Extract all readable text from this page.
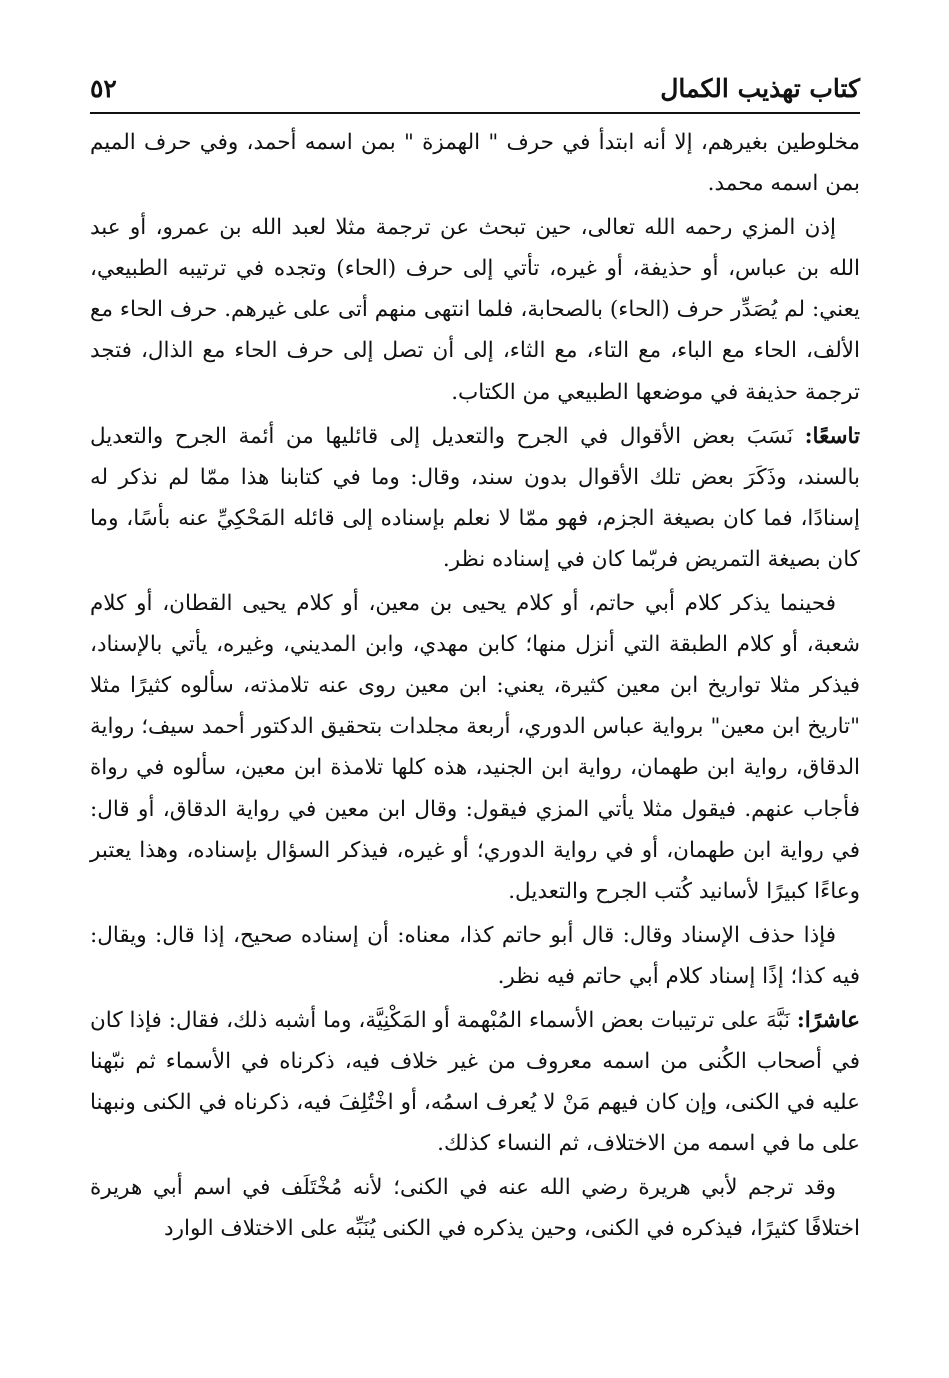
كتاب تهذيب الكمال
٥٢

مخلوطين بغيرهم، إلا أنه ابتدأ في حرف " الهمزة " بمن اسمه أحمد، وفي حرف الميم بمن اسمه محمد.

إذن المزي رحمه الله تعالى، حين تبحث عن ترجمة مثلا لعبد الله بن عمرو، أو عبد الله بن عباس، أو حذيفة، أو غيره، تأتي إلى حرف (الحاء) وتجده في ترتيبه الطبيعي، يعني: لم يُصَدِّر حرف (الحاء) بالصحابة، فلما انتهى منهم أتى على غيرهم. حرف الحاء مع الألف، الحاء مع الباء، مع التاء، مع الثاء، إلى أن تصل إلى حرف الحاء مع الذال، فتجد ترجمة حذيفة في موضعها الطبيعي من الكتاب.

تاسعًا: نَسَبَ بعض الأقوال في الجرح والتعديل إلى قائليها من أئمة الجرح والتعديل بالسند، وذَكَرَ بعض تلك الأقوال بدون سند، وقال: وما في كتابنا هذا ممّا لم نذكر له إسنادًا، فما كان بصيغة الجزم، فهو ممّا لا نعلم بإسناده إلى قائله المَحْكِيِّ عنه بأسًا، وما كان بصيغة التمريض فربّما كان في إسناده نظر.

فحينما يذكر كلام أبي حاتم، أو كلام يحيى بن معين، أو كلام يحيى القطان، أو كلام شعبة، أو كلام الطبقة التي أنزل منها؛ كابن مهدي، وابن المديني، وغيره، يأتي بالإسناد، فيذكر مثلا تواريخ ابن معين كثيرة، يعني: ابن معين روى عنه تلامذته، سألوه كثيرًا مثلا "تاريخ ابن معين" برواية عباس الدوري، أربعة مجلدات بتحقيق الدكتور أحمد سيف؛ رواية الدقاق، رواية ابن طهمان، رواية ابن الجنيد، هذه كلها تلامذة ابن معين، سألوه في رواة فأجاب عنهم. فيقول مثلا يأتي المزي فيقول: وقال ابن معين في رواية الدقاق، أو قال: في رواية ابن طهمان، أو في رواية الدوري؛ أو غيره، فيذكر السؤال بإسناده، وهذا يعتبر وعاءًا كبيرًا لأسانيد كُتب الجرح والتعديل.

فإذا حذف الإسناد وقال: قال أبو حاتم كذا، معناه: أن إسناده صحيح، إذا قال: ويقال: فيه كذا؛ إذًا إسناد كلام أبي حاتم فيه نظر.

عاشرًا: نَبَّهَ على ترتيبات بعض الأسماء المُبْهمة أو المَكْنِيَّة، وما أشبه ذلك، فقال: فإذا كان في أصحاب الكُنى من اسمه معروف من غير خلاف فيه، ذكرناه في الأسماء ثم نبّهنا عليه في الكنى، وإن كان فيهم مَنْ لا يُعرف اسمُه، أو اخْتُلِفَ فيه، ذكرناه في الكنى ونبهنا على ما في اسمه من الاختلاف، ثم النساء كذلك.

وقد ترجم لأبي هريرة رضي الله عنه في الكنى؛ لأنه مُخْتَلَف في اسم أبي هريرة اختلافًا كثيرًا، فيذكره في الكنى، وحين يذكره في الكنى يُنَبِّه على الاختلاف الوارد
